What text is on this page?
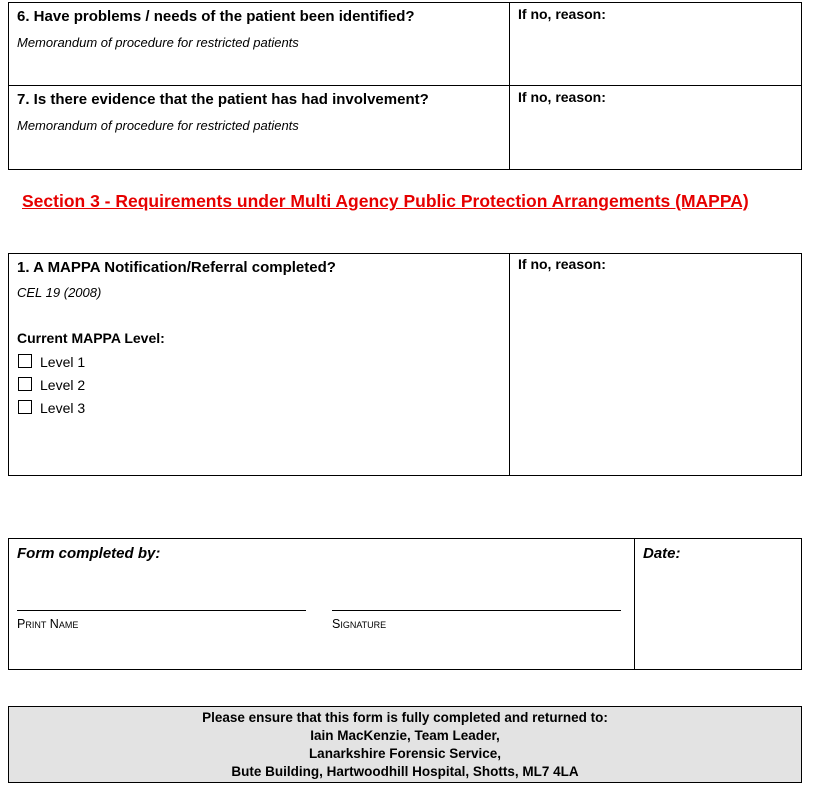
6. Have problems / needs of the patient been identified?
Memorandum of procedure for restricted patients
If no, reason:
7. Is there evidence that the patient has had involvement?
Memorandum of procedure for restricted patients
If no, reason:
Section 3 - Requirements under Multi Agency Public Protection Arrangements (MAPPA)
1. A MAPPA Notification/Referral completed?
CEL 19 (2008)
Current MAPPA Level:
Level 1
Level 2
Level 3
If no, reason:
Form completed by:
Print Name	Signature
Date:
Please ensure that this form is fully completed and returned to:
Iain MacKenzie, Team Leader,
Lanarkshire Forensic Service,
Bute Building, Hartwoodhill Hospital, Shotts, ML7 4LA
